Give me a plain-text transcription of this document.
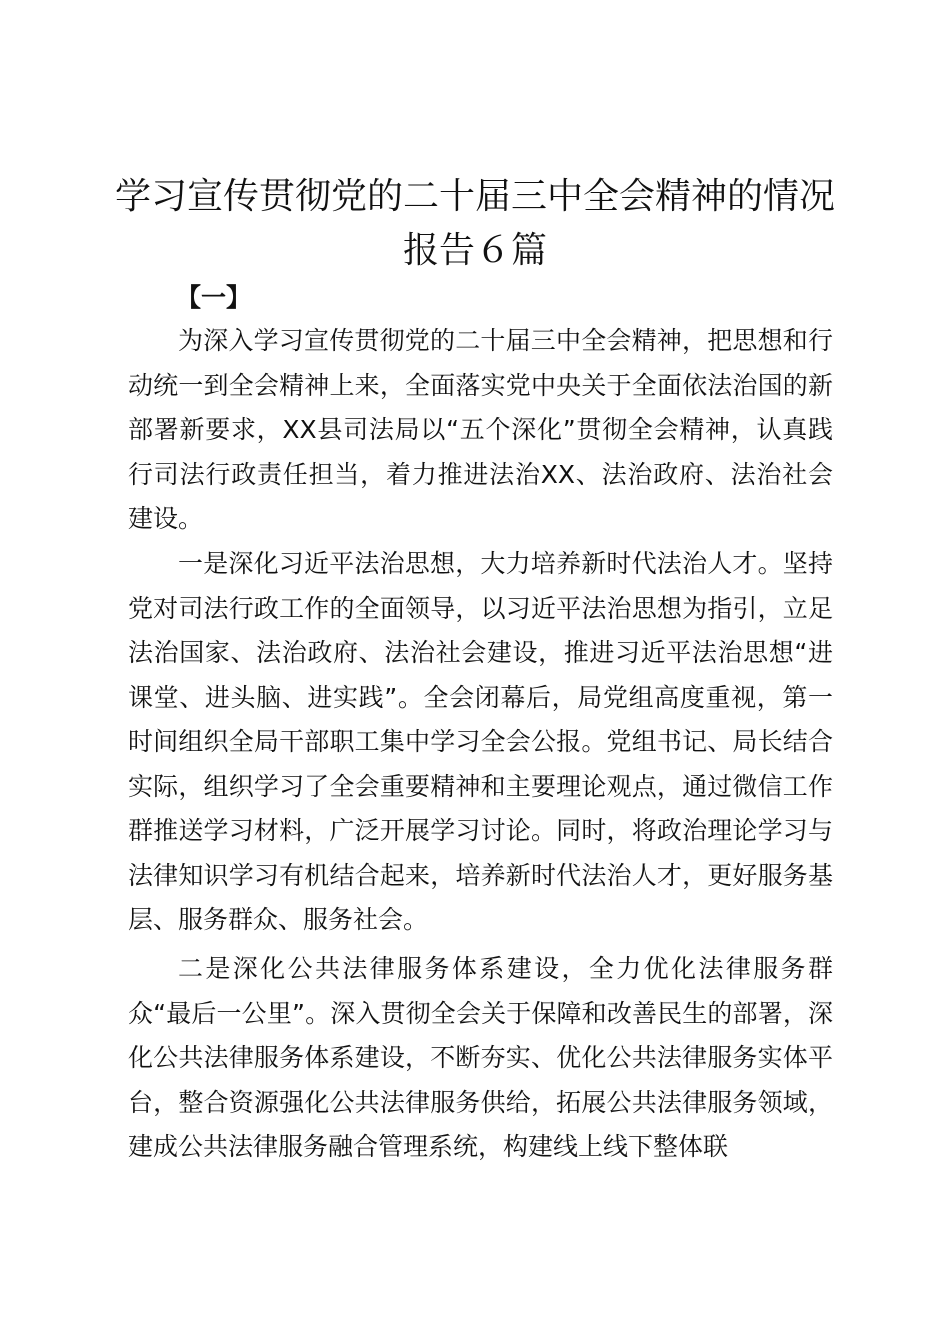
学习宣传贯彻党的二十届三中全会精神的情况报告６篇
【一】

为深入学习宣传贯彻党的二十届三中全会精神，把思想和行动统一到全会精神上来，全面落实党中央关于全面依法治国的新部署新要求，XX县司法局以“五个深化”贯彻全会精神，认真践行司法行政责任担当，着力推进法治XX、法治政府、法治社会建设。

一是深化习近平法治思想，大力培养新时代法治人才。坚持党对司法行政工作的全面领导，以习近平法治思想为指引，立足法治国家、法治政府、法治社会建设，推进习近平法治思想“进课堂、进头脑、进实践”。全会闭幕后，局党组高度重视，第一时间组织全局干部职工集中学习全会公报。党组书记、局长结合实际，组织学习了全会重要精神和主要理论观点，通过微信工作群推送学习材料，广泛开展学习讨论。同时，将政治理论学习与法律知识学习有机结合起来，培养新时代法治人才，更好服务基层、服务群众、服务社会。

二是深化公共法律服务体系建设，全力优化法律服务群众“最后一公里”。深入贯彻全会关于保障和改善民生的部署，深化公共法律服务体系建设，不断夯实、优化公共法律服务实体平台，整合资源强化公共法律服务供给，拓展公共法律服务领域，建成公共法律服务融合管理系统，构建线上线下整体联
